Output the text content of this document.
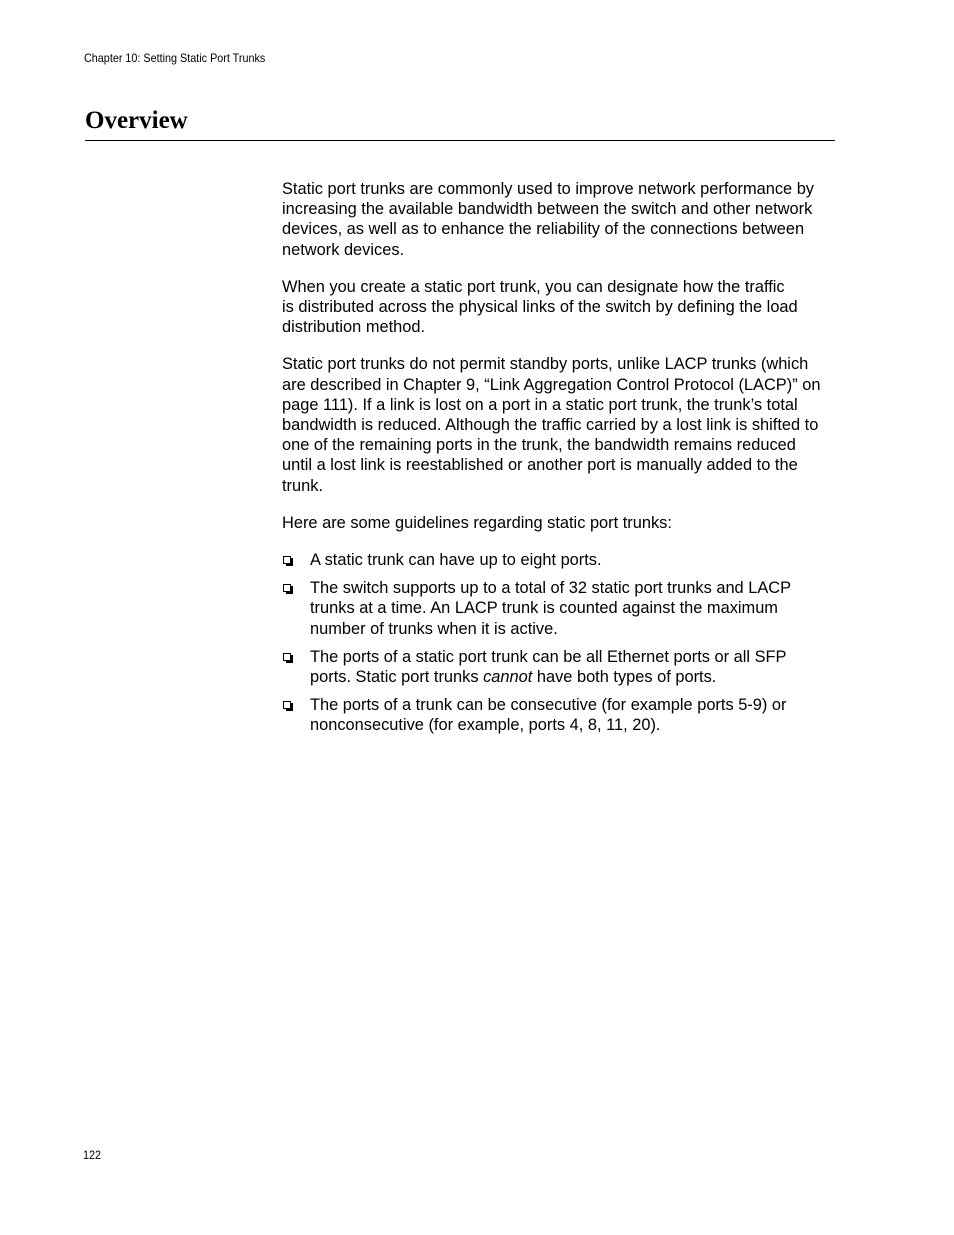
Chapter 10: Setting Static Port Trunks
Overview

Static port trunks are commonly used to improve network performance by
increasing the available bandwidth between the switch and other network
devices, as well as to enhance the reliability of the connections between
network devices.

When you create a static port trunk, you can designate how the traffic
is distributed across the physical links of the switch by defining the load
distribution method.

Static port trunks do not permit standby ports, unlike LACP trunks (which
are described in Chapter 9, “Link Aggregation Control Protocol (LACP)” on
page 111). If a link is lost on a port in a static port trunk, the trunk’s total
bandwidth is reduced. Although the traffic carried by a lost link is shifted to
one of the remaining ports in the trunk, the bandwidth remains reduced
until a lost link is reestablished or another port is manually added to the
trunk.

Here are some guidelines regarding static port trunks:

A static trunk can have up to eight ports.
The switch supports up to a total of 32 static port trunks and LACP
trunks at a time. An LACP trunk is counted against the maximum
number of trunks when it is active.
The ports of a static port trunk can be all Ethernet ports or all SFP
ports. Static port trunks cannot have both types of ports.
The ports of a trunk can be consecutive (for example ports 5-9) or
nonconsecutive (for example, ports 4, 8, 11, 20).
122
